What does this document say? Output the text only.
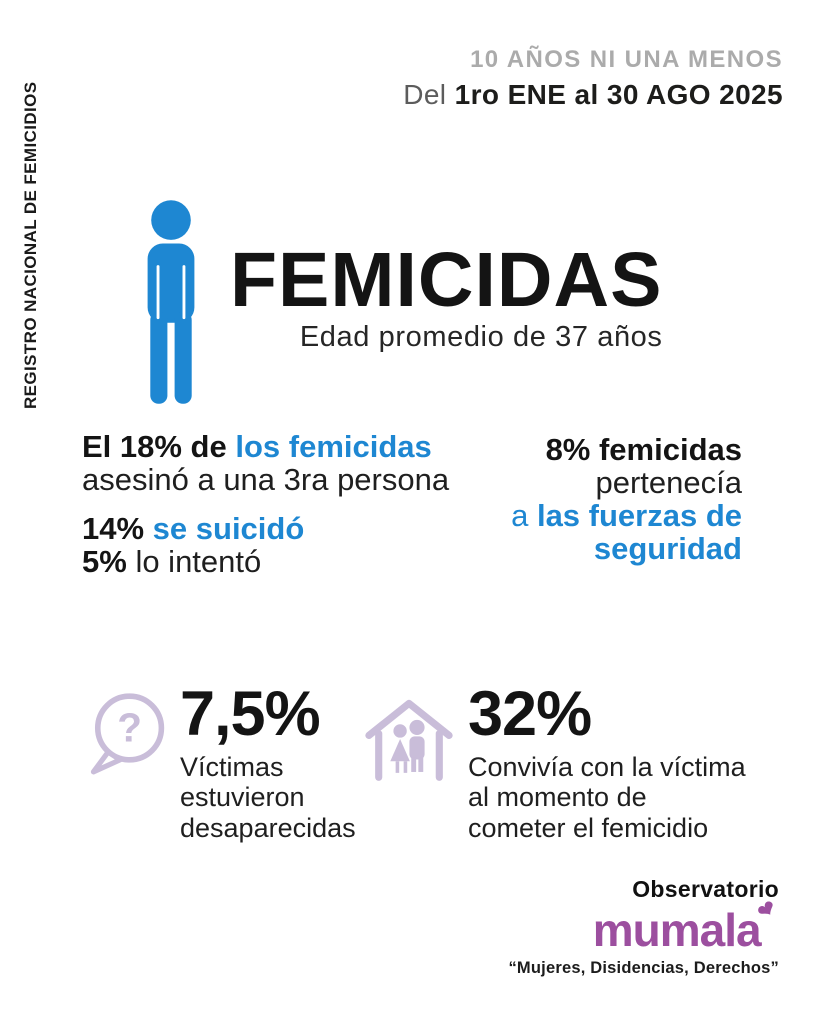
REGISTRO NACIONAL DE FEMICIDIOS
10 AÑOS NI UNA MENOS
Del 1ro ENE al 30 AGO 2025
FEMICIDAS
Edad promedio de 37 años
El 18% de los femicidas
asesinó a una 3ra persona
14% se suicidó
5% lo intentó
8% femicidas
pertenecía
a las fuerzas de
seguridad
? 7,5%
Víctimas
estuvieron
desaparecidas
32%
Convivía con la víctima
al momento de
cometer el femicidio
Observatorio
mumala
❤
“Mujeres, Disidencias, Derechos”
